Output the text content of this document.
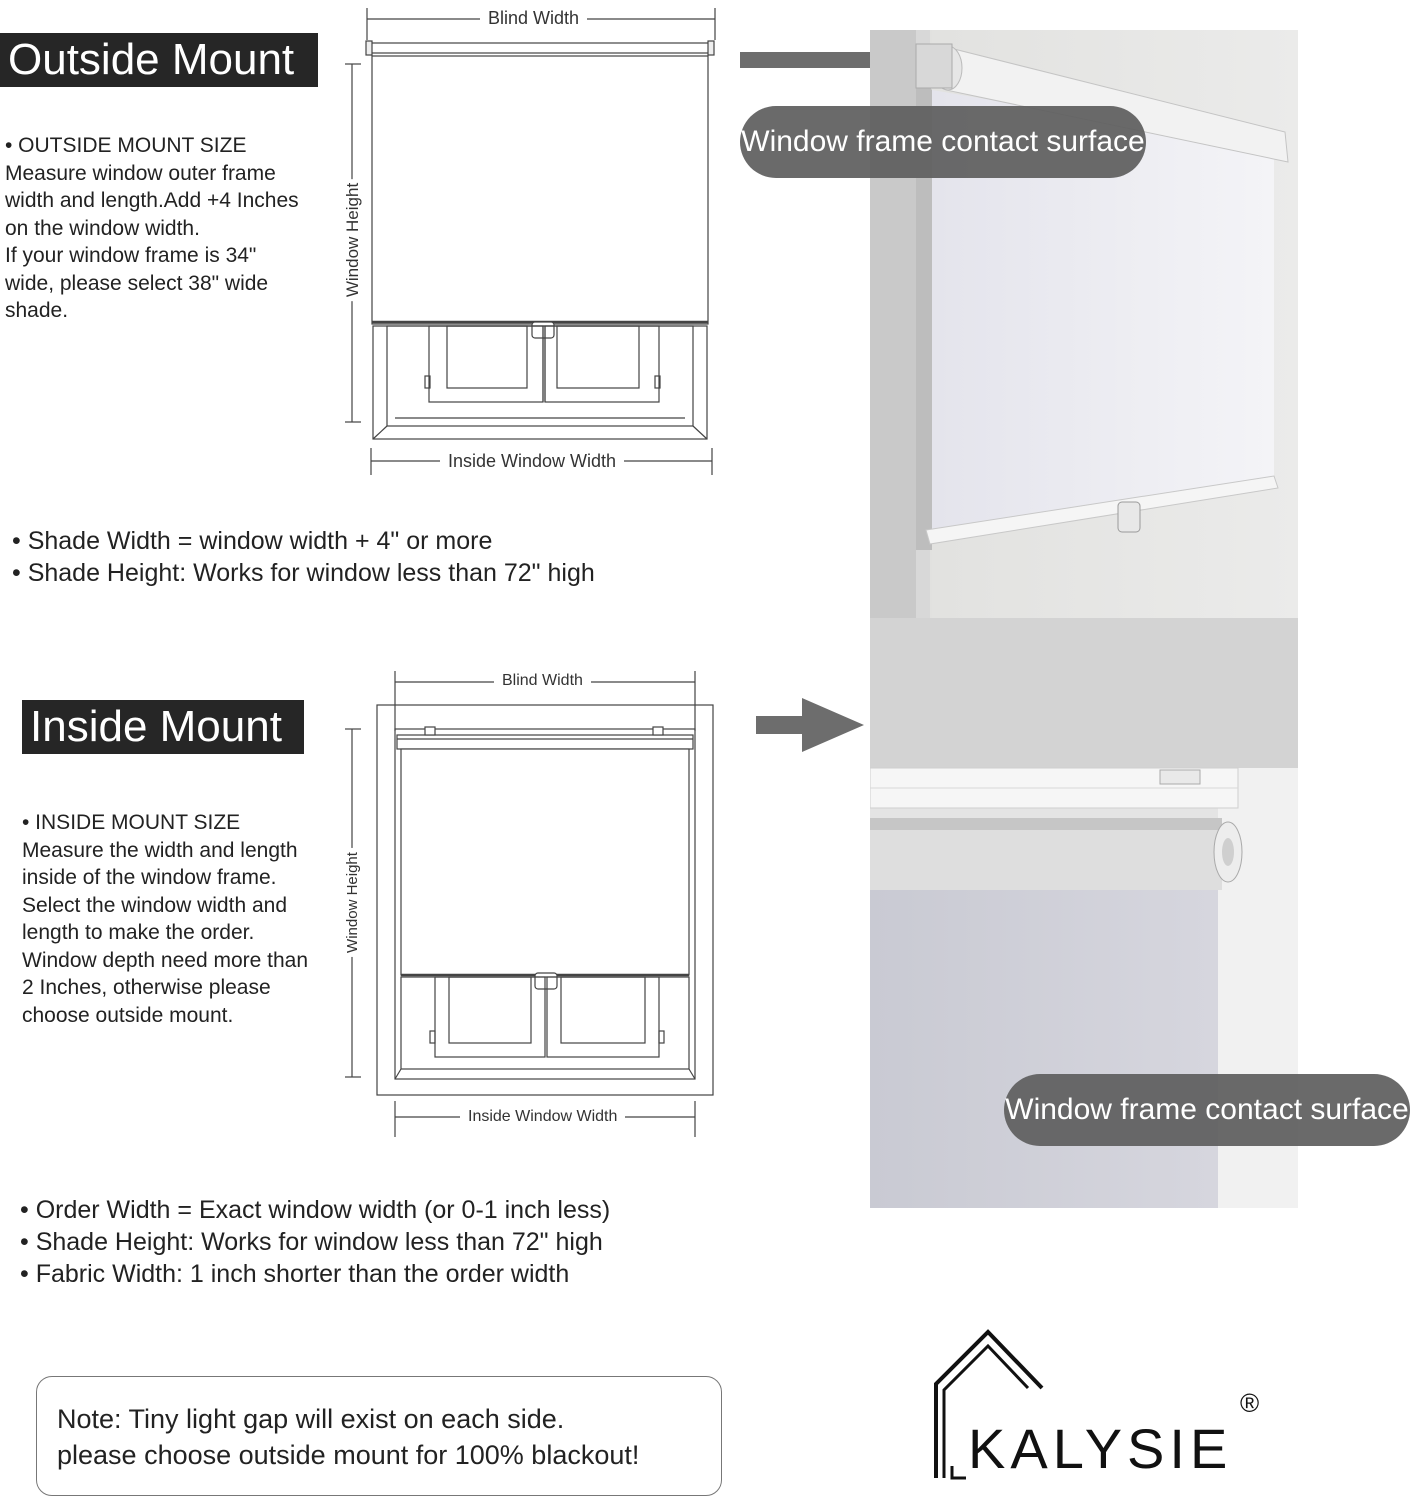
Outside Mount
• OUTSIDE MOUNT SIZE
Measure window outer frame
width and length.Add +4 Inches
on the window width.
If your window frame is 34"
wide, please select 38" wide
shade.
Blind Width
Window Height
Inside Window Width
• Shade Width = window width + 4" or more
• Shade Height: Works for window less than 72" high
Window frame contact surface
Inside Mount
• INSIDE MOUNT SIZE
Measure the width and length
inside of the window frame.
Select the window width and
length to make the order.
Window depth need more than
2 Inches, otherwise please
choose outside mount.
Blind Width
Window Height
Inside Window Width
• Order Width = Exact window width (or 0-1 inch less)
• Shade Height: Works for window less than 72" high
• Fabric Width: 1 inch shorter than the order width
Window frame contact surface
Note: Tiny light gap will exist on each side.
please choose outside mount for 100% blackout!	KALYSIE
®
